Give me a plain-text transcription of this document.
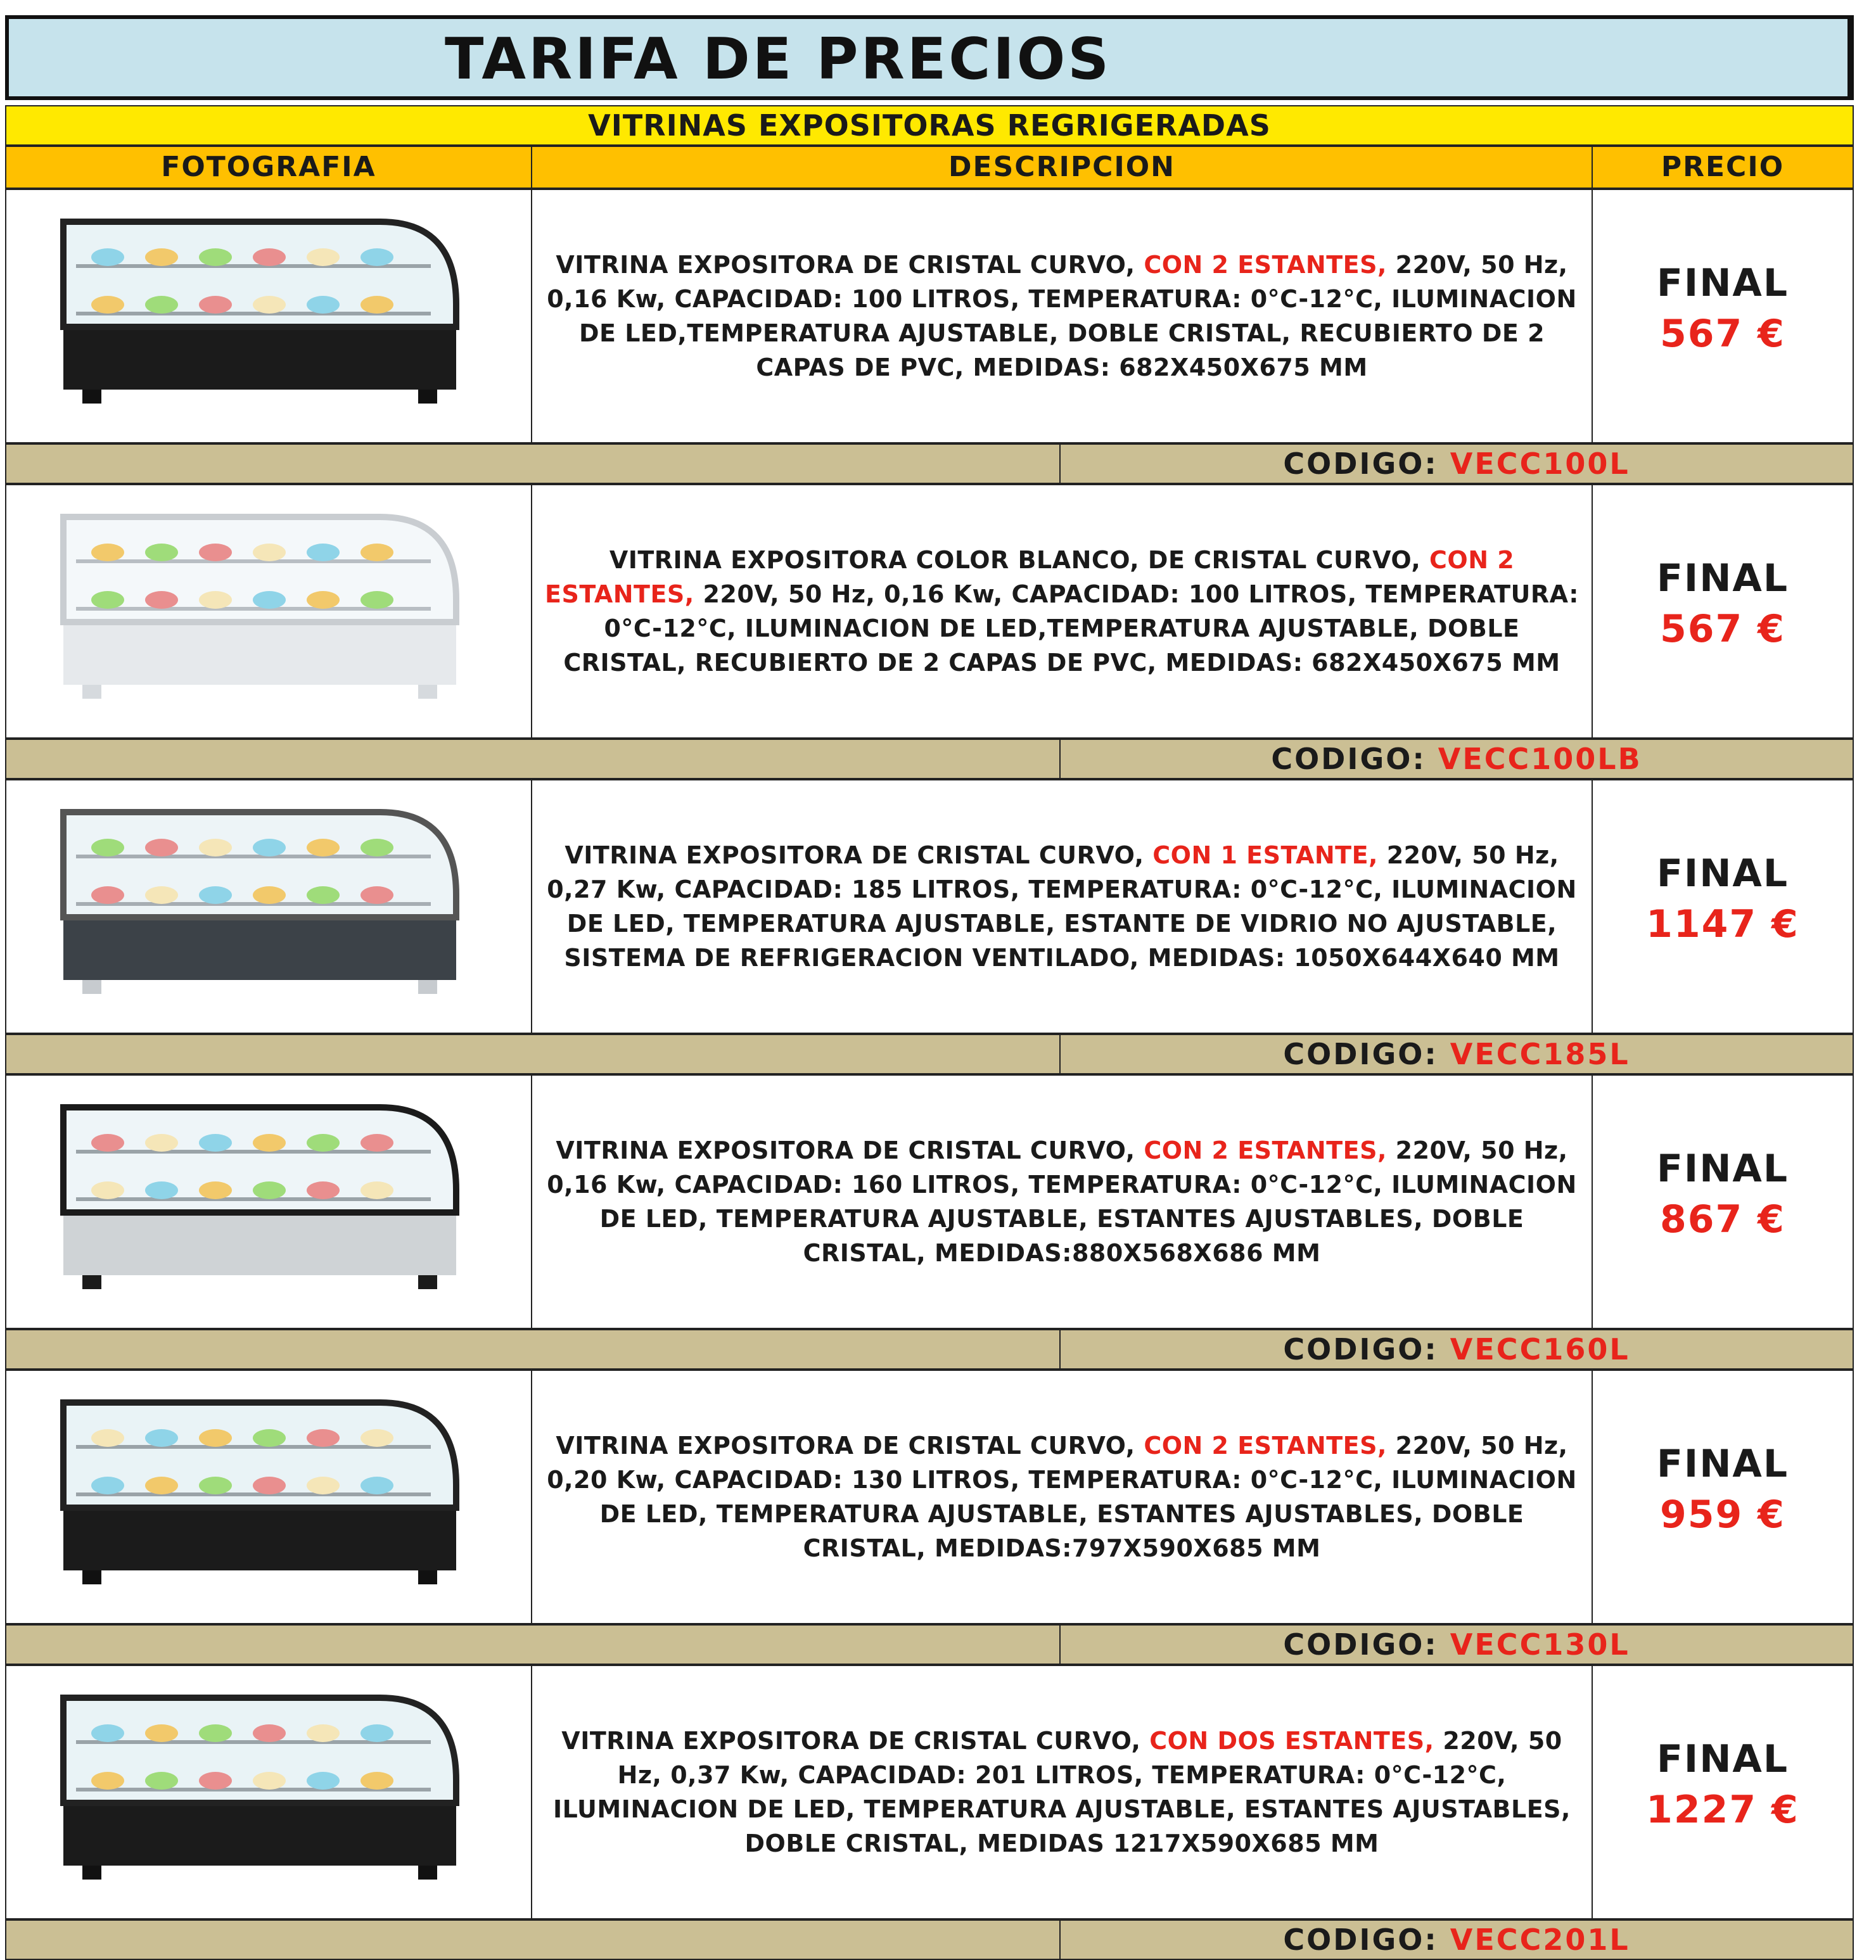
TARIFA DE PRECIOS
VITRINAS EXPOSITORAS REGRIGERADAS
FOTOGRAFIA	DESCRIPCION	PRECIO

VITRINA EXPOSITORA DE CRISTAL CURVO, CON 2 ESTANTES, 220V, 50 Hz, 0,16 Kw, CAPACIDAD: 100 LITROS, TEMPERATURA: 0°C-12°C, ILUMINACION DE LED,TEMPERATURA AJUSTABLE, DOBLE CRISTAL, RECUBIERTO DE 2 CAPAS DE PVC, MEDIDAS: 682X450X675 MM

FINAL
567 €
CODIGO: VECC100L

VITRINA EXPOSITORA COLOR BLANCO, DE CRISTAL CURVO, CON 2 ESTANTES, 220V, 50 Hz, 0,16 Kw, CAPACIDAD: 100 LITROS, TEMPERATURA: 0°C-12°C, ILUMINACION DE LED,TEMPERATURA AJUSTABLE, DOBLE CRISTAL, RECUBIERTO DE 2 CAPAS DE PVC, MEDIDAS: 682X450X675 MM

FINAL
567 €
CODIGO: VECC100LB

VITRINA EXPOSITORA DE CRISTAL CURVO, CON 1 ESTANTE, 220V, 50 Hz, 0,27 Kw, CAPACIDAD: 185 LITROS, TEMPERATURA: 0°C-12°C, ILUMINACION DE LED, TEMPERATURA AJUSTABLE, ESTANTE DE VIDRIO NO AJUSTABLE, SISTEMA DE REFRIGERACION VENTILADO, MEDIDAS: 1050X644X640 MM

FINAL
1147 €
CODIGO: VECC185L

VITRINA EXPOSITORA DE CRISTAL CURVO, CON 2 ESTANTES, 220V, 50 Hz, 0,16 Kw, CAPACIDAD: 160 LITROS, TEMPERATURA: 0°C-12°C, ILUMINACION DE LED, TEMPERATURA AJUSTABLE, ESTANTES AJUSTABLES, DOBLE CRISTAL, MEDIDAS:880X568X686 MM

FINAL
867 €
CODIGO: VECC160L

VITRINA EXPOSITORA DE CRISTAL CURVO, CON 2 ESTANTES, 220V, 50 Hz, 0,20 Kw, CAPACIDAD: 130 LITROS, TEMPERATURA: 0°C-12°C, ILUMINACION DE LED, TEMPERATURA AJUSTABLE, ESTANTES AJUSTABLES, DOBLE CRISTAL, MEDIDAS:797X590X685 MM

FINAL
959 €
CODIGO: VECC130L

VITRINA EXPOSITORA DE CRISTAL CURVO, CON DOS ESTANTES, 220V, 50 Hz, 0,37 Kw, CAPACIDAD: 201 LITROS, TEMPERATURA: 0°C-12°C, ILUMINACION DE LED, TEMPERATURA AJUSTABLE, ESTANTES AJUSTABLES, DOBLE CRISTAL, MEDIDAS 1217X590X685 MM

FINAL
1227 €
CODIGO: VECC201L
